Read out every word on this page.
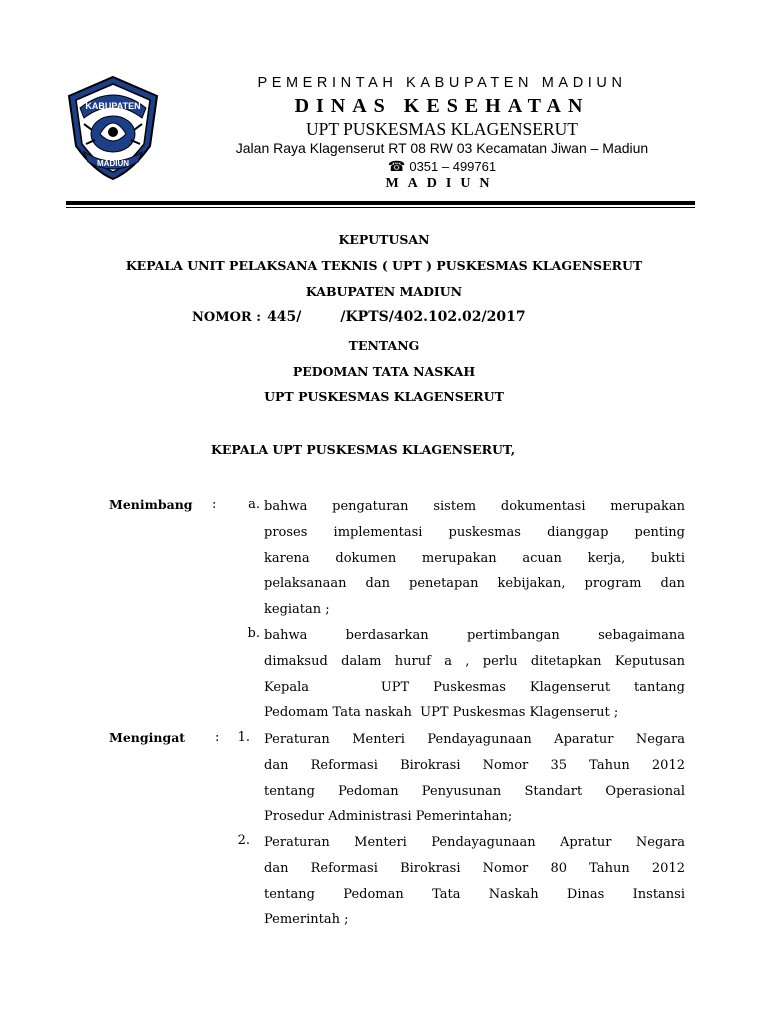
KABUPATEN
MADIUN
PEMERINTAH KABUPATEN MADIUN
DINAS KESEHATAN
UPT PUSKESMAS KLAGENSERUT
Jalan Raya Klagenserut RT 08 RW 03 Kecamatan Jiwan – Madiun
☎ 0351 – 499761
MADIUN
KEPUTUSAN
KEPALA UNIT PELAKSANA TEKNIS ( UPT ) PUSKESMAS KLAGENSERUT
KABUPATEN MADIUN
NOMOR : 445/        /KPTS/402.102.02/2017
TENTANG
PEDOMAN TATA NASKAH
UPT PUSKESMAS KLAGENSERUT
KEPALA UPT PUSKESMAS KLAGENSERUT,
Menimbang :	a. bahwa pengaturan sistem dokumentasi merupakan
proses implementasi puskesmas dianggap penting
karena dokumen merupakan acuan kerja, bukti
pelaksanaan dan penetapan kebijakan, program dan
kegiatan ;
b. bahwa berdasarkan pertimbangan sebagaimana
dimaksud dalam huruf a , perlu ditetapkan Keputusan
Kepala   UPT Puskesmas Klagenserut tantang
Pedomam Tata naskah  UPT Puskesmas Klagenserut ;
Mengingat :	1. Peraturan Menteri Pendayagunaan Aparatur Negara
dan Reformasi Birokrasi Nomor 35 Tahun 2012
tentang Pedoman Penyusunan Standart Operasional
Prosedur Administrasi Pemerintahan;
2. Peraturan Menteri Pendayagunaan Apratur Negara
dan Reformasi Birokrasi Nomor 80 Tahun 2012
tentang Pedoman Tata Naskah Dinas Instansi
Pemerintah ;
